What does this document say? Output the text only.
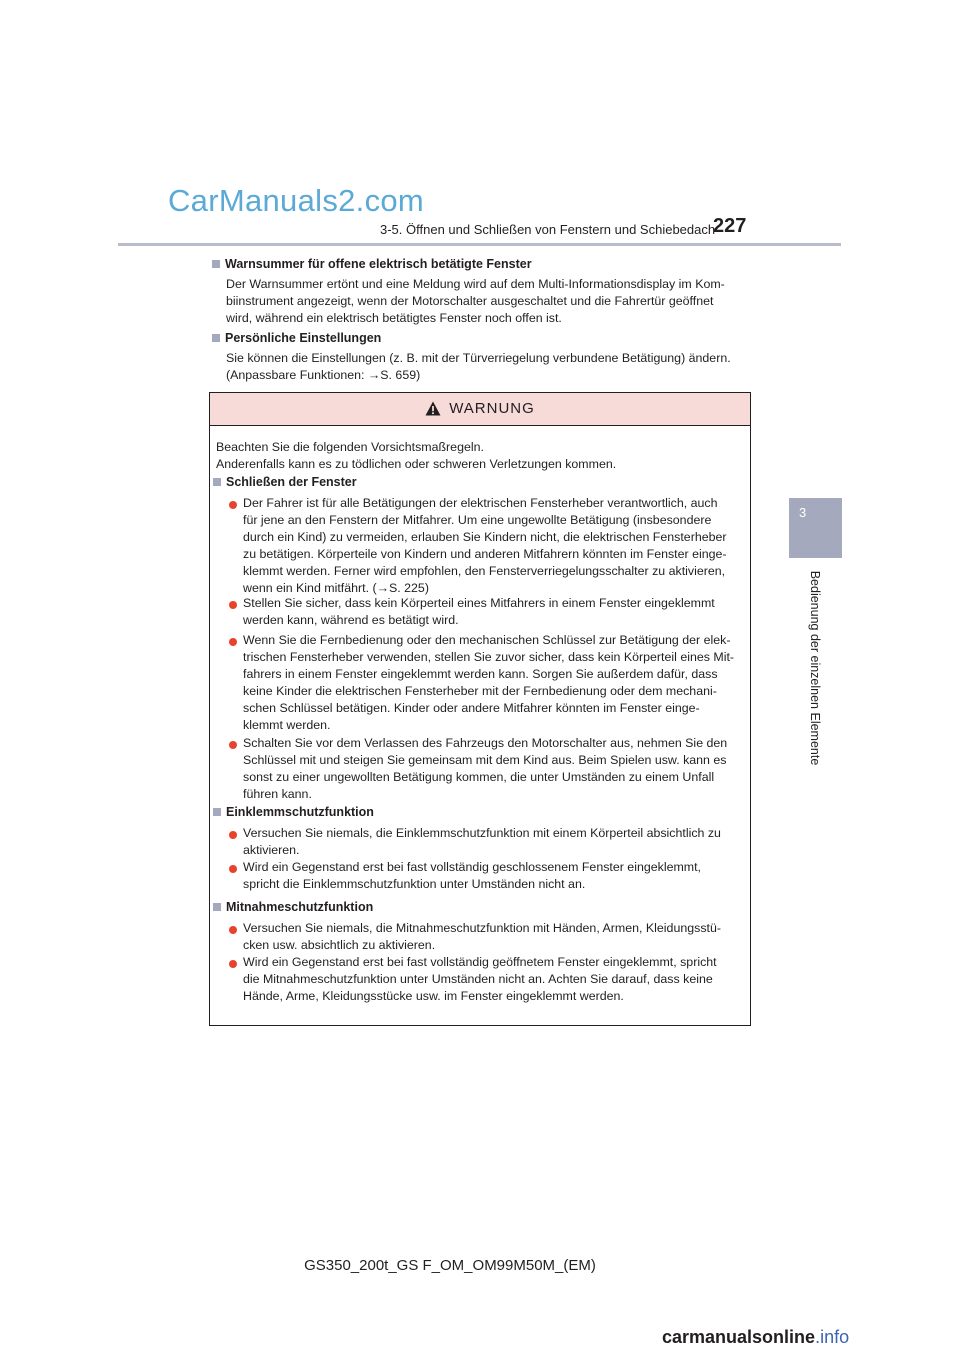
CarManuals2.com
3-5. Öffnen und Schließen von Fenstern und Schiebedach
227
3
Bedienung der einzelnen Elemente
Warnsummer für offene elektrisch betätigte Fenster
Der Warnsummer ertönt und eine Meldung wird auf dem Multi-Informationsdisplay im Kom-
biinstrument angezeigt, wenn der Motorschalter ausgeschaltet und die Fahrertür geöffnet
wird, während ein elektrisch betätigtes Fenster noch offen ist.
Persönliche Einstellungen
Sie können die Einstellungen (z. B. mit der Türverriegelung verbundene Betätigung) ändern.
(Anpassbare Funktionen: →S. 659)
WARNUNG
Beachten Sie die folgenden Vorsichtsmaßregeln.
Anderenfalls kann es zu tödlichen oder schweren Verletzungen kommen.
Schließen der Fenster
Der Fahrer ist für alle Betätigungen der elektrischen Fensterheber verantwortlich, auch
für jene an den Fenstern der Mitfahrer. Um eine ungewollte Betätigung (insbesondere
durch ein Kind) zu vermeiden, erlauben Sie Kindern nicht, die elektrischen Fensterheber
zu betätigen. Körperteile von Kindern und anderen Mitfahrern könnten im Fenster einge-
klemmt werden. Ferner wird empfohlen, den Fensterverriegelungsschalter zu aktivieren,
wenn ein Kind mitfährt. (→S. 225)
Stellen Sie sicher, dass kein Körperteil eines Mitfahrers in einem Fenster eingeklemmt
werden kann, während es betätigt wird.
Wenn Sie die Fernbedienung oder den mechanischen Schlüssel zur Betätigung der elek-
trischen Fensterheber verwenden, stellen Sie zuvor sicher, dass kein Körperteil eines Mit-
fahrers in einem Fenster eingeklemmt werden kann. Sorgen Sie außerdem dafür, dass
keine Kinder die elektrischen Fensterheber mit der Fernbedienung oder dem mechani-
schen Schlüssel betätigen. Kinder oder andere Mitfahrer könnten im Fenster einge-
klemmt werden.
Schalten Sie vor dem Verlassen des Fahrzeugs den Motorschalter aus, nehmen Sie den
Schlüssel mit und steigen Sie gemeinsam mit dem Kind aus. Beim Spielen usw. kann es
sonst zu einer ungewollten Betätigung kommen, die unter Umständen zu einem Unfall
führen kann.
Einklemmschutzfunktion
Versuchen Sie niemals, die Einklemmschutzfunktion mit einem Körperteil absichtlich zu
aktivieren.
Wird ein Gegenstand erst bei fast vollständig geschlossenem Fenster eingeklemmt,
spricht die Einklemmschutzfunktion unter Umständen nicht an.
Mitnahmeschutzfunktion
Versuchen Sie niemals, die Mitnahmeschutzfunktion mit Händen, Armen, Kleidungsstü-
cken usw. absichtlich zu aktivieren.
Wird ein Gegenstand erst bei fast vollständig geöffnetem Fenster eingeklemmt, spricht
die Mitnahmeschutzfunktion unter Umständen nicht an. Achten Sie darauf, dass keine
Hände, Arme, Kleidungsstücke usw. im Fenster eingeklemmt werden.
GS350_200t_GS F_OM_OM99M50M_(EM)
carmanualsonline.info
